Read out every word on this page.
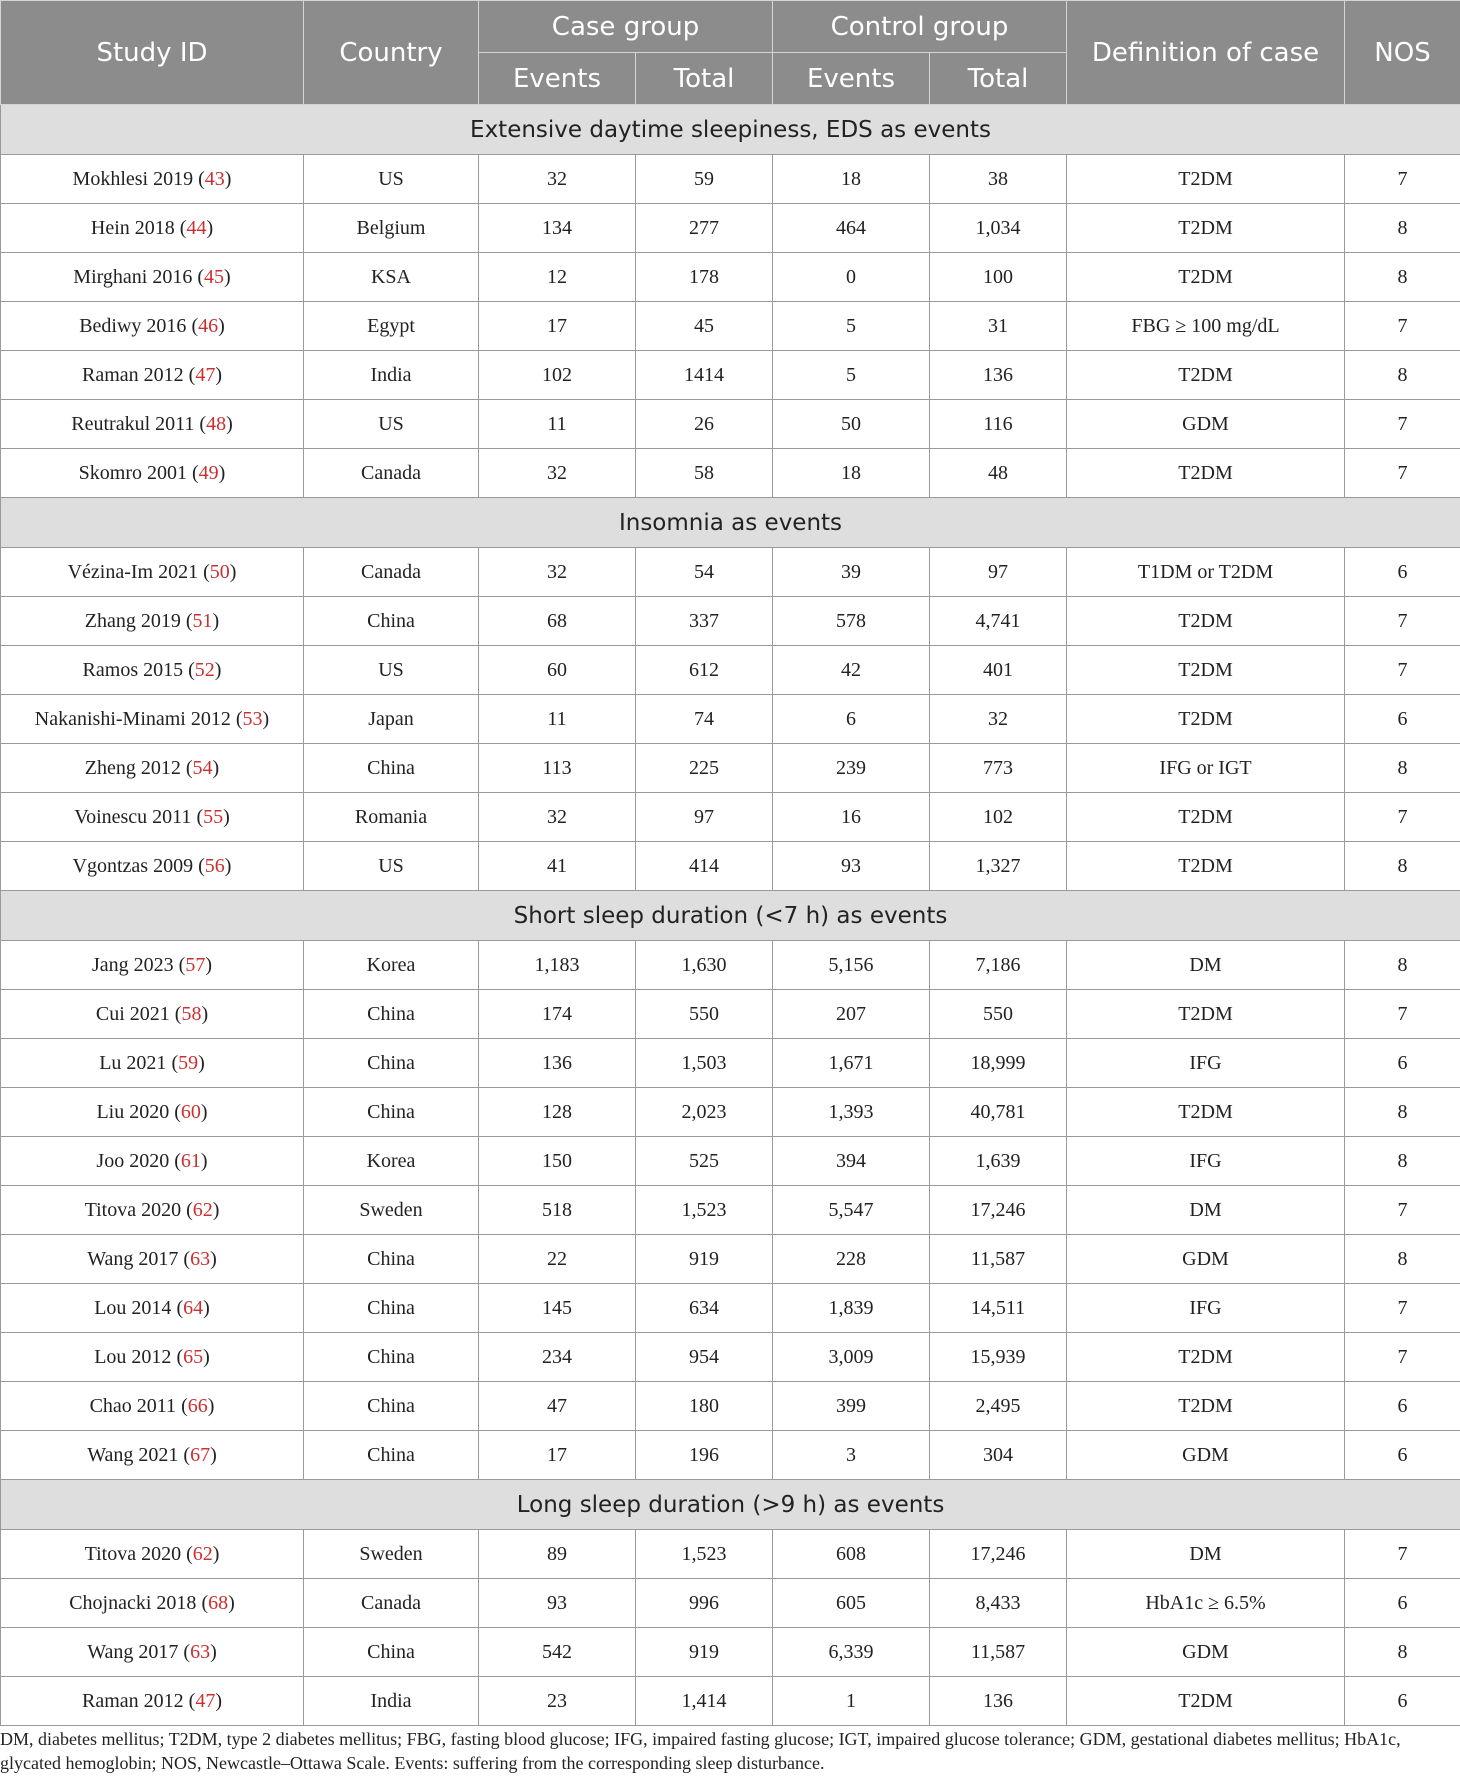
Study ID	Country	Case group		Control group		Definition of case	NOS
		Events	Total	Events	Total		
Extensive daytime sleepiness, EDS as events							
Mokhlesi 2019 (43)	US	32	59	18	38	T2DM	7
Hein 2018 (44)	Belgium	134	277	464	1,034	T2DM	8
Mirghani 2016 (45)	KSA	12	178	0	100	T2DM	8
Bediwy 2016 (46)	Egypt	17	45	5	31	FBG ≥ 100 mg/dL	7
Raman 2012 (47)	India	102	1414	5	136	T2DM	8
Reutrakul 2011 (48)	US	11	26	50	116	GDM	7
Skomro 2001 (49)	Canada	32	58	18	48	T2DM	7
Insomnia as events							
Vézina-Im 2021 (50)	Canada	32	54	39	97	T1DM or T2DM	6
Zhang 2019 (51)	China	68	337	578	4,741	T2DM	7
Ramos 2015 (52)	US	60	612	42	401	T2DM	7
Nakanishi-Minami 2012 (53)	Japan	11	74	6	32	T2DM	6
Zheng 2012 (54)	China	113	225	239	773	IFG or IGT	8
Voinescu 2011 (55)	Romania	32	97	16	102	T2DM	7
Vgontzas 2009 (56)	US	41	414	93	1,327	T2DM	8
Short sleep duration (<7 h) as events							
Jang 2023 (57)	Korea	1,183	1,630	5,156	7,186	DM	8
Cui 2021 (58)	China	174	550	207	550	T2DM	7
Lu 2021 (59)	China	136	1,503	1,671	18,999	IFG	6
Liu 2020 (60)	China	128	2,023	1,393	40,781	T2DM	8
Joo 2020 (61)	Korea	150	525	394	1,639	IFG	8
Titova 2020 (62)	Sweden	518	1,523	5,547	17,246	DM	7
Wang 2017 (63)	China	22	919	228	11,587	GDM	8
Lou 2014 (64)	China	145	634	1,839	14,511	IFG	7
Lou 2012 (65)	China	234	954	3,009	15,939	T2DM	7
Chao 2011 (66)	China	47	180	399	2,495	T2DM	6
Wang 2021 (67)	China	17	196	3	304	GDM	6
Long sleep duration (>9 h) as events							
Titova 2020 (62)	Sweden	89	1,523	608	17,246	DM	7
Chojnacki 2018 (68)	Canada	93	996	605	8,433	HbA1c ≥ 6.5%	6
Wang 2017 (63)	China	542	919	6,339	11,587	GDM	8
Raman 2012 (47)	India	23	1,414	1	136	T2DM	6
DM, diabetes mellitus; T2DM, type 2 diabetes mellitus; FBG, fasting blood glucose; IFG, impaired fasting glucose; IGT, impaired glucose tolerance; GDM, gestational diabetes mellitus; HbA1c, glycated hemoglobin; NOS, Newcastle–Ottawa Scale. Events: suffering from the corresponding sleep disturbance.
